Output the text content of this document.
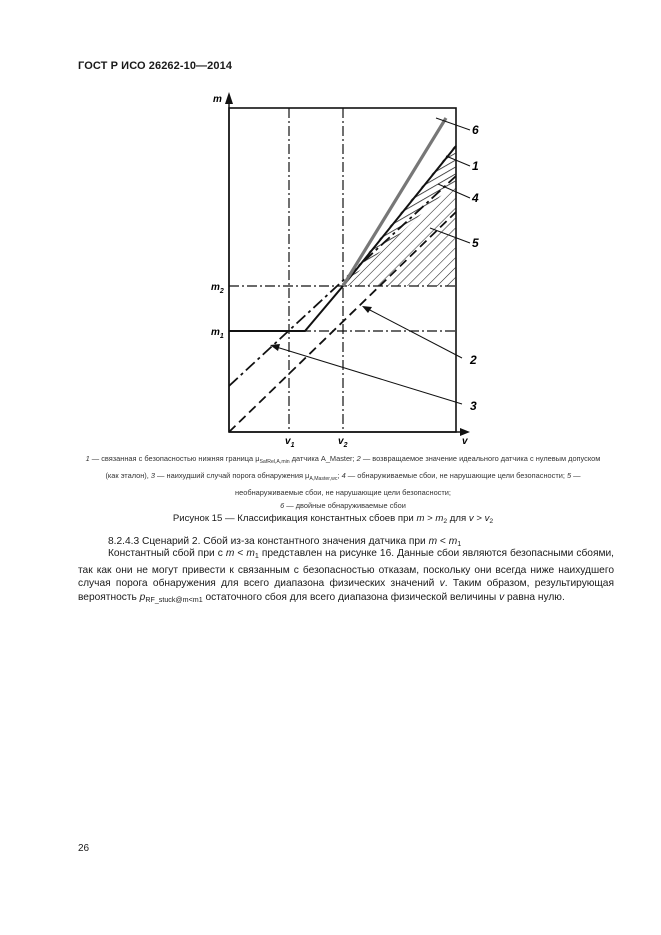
ГОСТ Р ИСО 26262-10—2014
6
1
4
5
2
3
m
v
$m_2$
$m_1$
$v_1$	$v_2$
1 — связанная с безопасностью нижняя граница $\mu_{SafRel,A,min}$ датчика A_Master; 2 — возвращаемое значение идеального датчика с нулевым допуском (как эталон), 3 — наихудший случай порога обнаружения $\mu_{A,Master,wc}$; 4 — обнаруживаемые сбои, не нарушающие цели безопасности; 5 — необнаруживаемые сбои, не нарушающие цели безопасности;
6 — двойные обнаруживаемые сбои
Рисунок 15 — Классификация константных сбоев при $m > m_2$ для $v > v_2$
8.2.4.3 Сценарий 2. Сбой из-за константного значения датчика при $m < m_1$
Константный сбой при с $m < m_1$ представлен на рисунке 16. Данные сбои являются безопасными сбоями, так как они не могут привести к связанным с безопасностью отказам, поскольку они всегда ниже наихудшего случая порога обнаружения для всего диапазона физических значений v. Таким образом, результирующая вероятность $p_{RF\_stuck@m<m1}$ остаточного сбоя для всего диапазона физической величины v равна нулю.
26
